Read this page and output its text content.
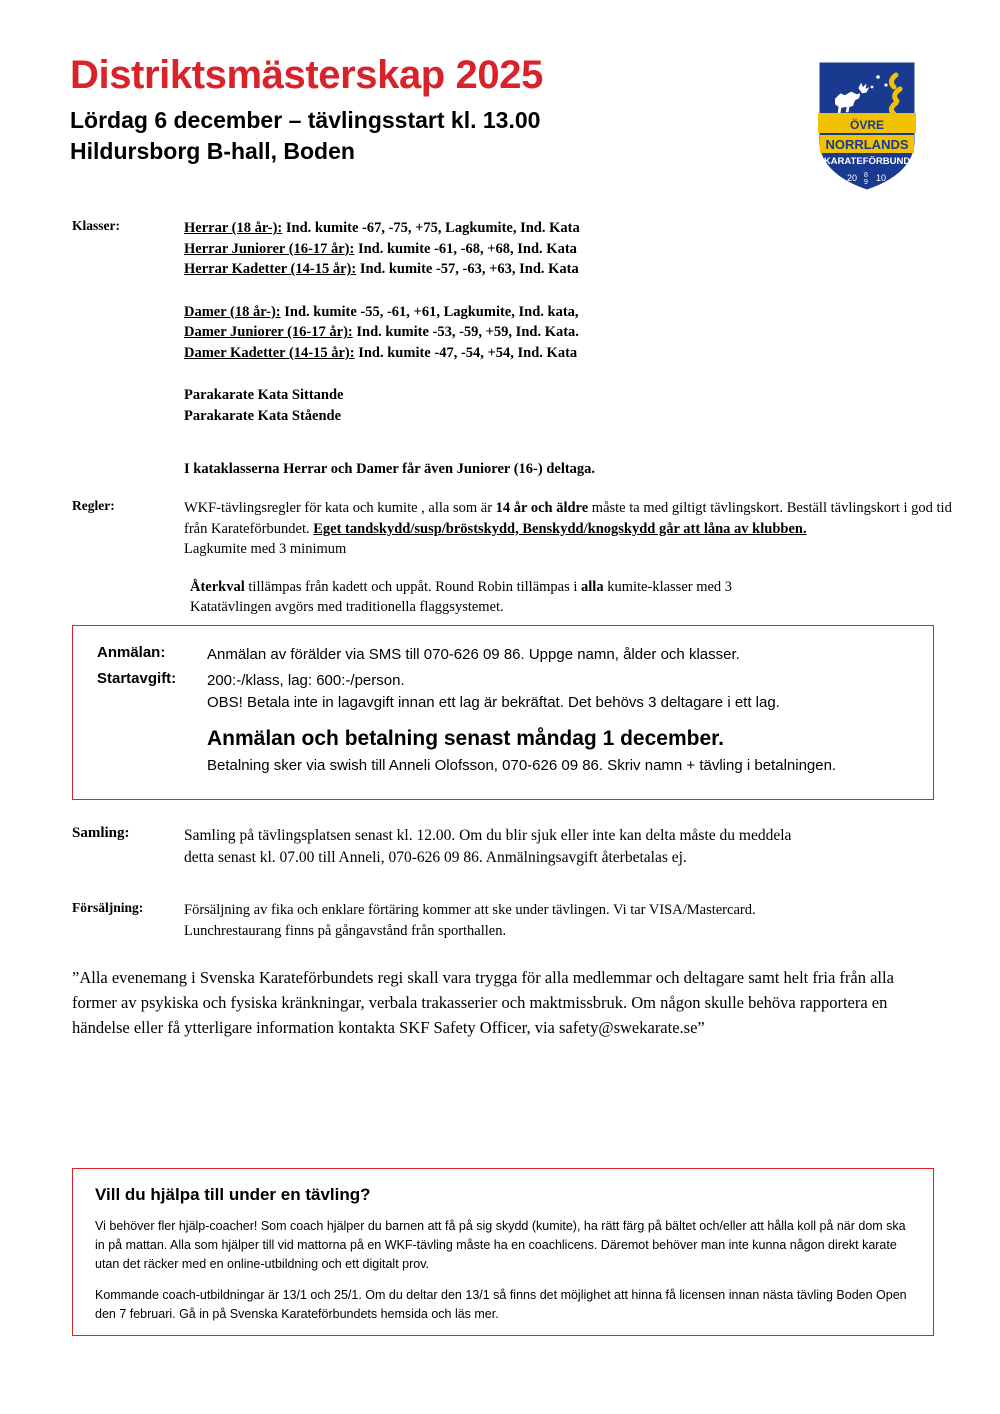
Distriktsmästerskap 2025
Lördag 6 december – tävlingsstart kl. 13.00
Hildursborg B-hall, Boden
ÖVRE
NORRLANDS
KARATEFÖRBUND
20 8
9 10
Klasser:	Herrar (18 år-): Ind. kumite -67, -75, +75, Lagkumite, Ind. Kata
Herrar Juniorer (16-17 år): Ind. kumite -61, -68, +68, Ind. Kata
Herrar Kadetter (14-15 år): Ind. kumite -57, -63, +63, Ind. Kata
Damer (18 år-): Ind. kumite -55, -61, +61, Lagkumite, Ind. kata,
Damer Juniorer (16-17 år): Ind. kumite -53, -59, +59, Ind. Kata.
Damer Kadetter (14-15 år): Ind. kumite -47, -54, +54, Ind. Kata
Parakarate Kata Sittande
Parakarate Kata Stående
I kataklasserna Herrar och Damer får även Juniorer (16-) deltaga.
Regler:	WKF-tävlingsregler för kata och kumite , alla som är 14 år och äldre måste ta med giltigt tävlingskort. Beställ tävlingskort i god tid från Karateförbundet. Eget tandskydd/susp/bröstskydd, Benskydd/knogskydd går att låna av klubben.
Lagkumite med 3 minimum
Återkval tillämpas från kadett och uppåt. Round Robin tillämpas i alla kumite-klasser med 3
Katatävlingen avgörs med traditionella flaggsystemet.
Anmälan:	Anmälan av förälder via SMS till 070-626 09 86. Uppge namn, ålder och klasser.
Startavgift:	200:-/klass, lag: 600:-/person.
OBS! Betala inte in lagavgift innan ett lag är bekräftat. Det behövs 3 deltagare i ett lag.
Anmälan och betalning senast måndag 1 december.
Betalning sker via swish till Anneli Olofsson, 070-626 09 86. Skriv namn + tävling i betalningen.
Samling:	Samling på tävlingsplatsen senast kl. 12.00. Om du blir sjuk eller inte kan delta måste du meddela
detta senast kl. 07.00 till Anneli, 070-626 09 86. Anmälningsavgift återbetalas ej.
Försäljning:	Försäljning av fika och enklare förtäring kommer att ske under tävlingen. Vi tar VISA/Mastercard.
Lunchrestaurang finns på gångavstånd från sporthallen.
”Alla evenemang i Svenska Karateförbundets regi skall vara trygga för alla medlemmar och deltagare samt helt fria från alla former av psykiska och fysiska kränkningar, verbala trakasserier och maktmissbruk. Om någon skulle behöva rapportera en händelse eller få ytterligare information kontakta SKF Safety Officer, via safety@swekarate.se”
Vill du hjälpa till under en tävling?
Vi behöver fler hjälp-coacher! Som coach hjälper du barnen att få på sig skydd (kumite), ha rätt färg på bältet och/eller att hålla koll på när dom ska in på mattan. Alla som hjälper till vid mattorna på en WKF-tävling måste ha en coachlicens. Däremot behöver man inte kunna någon direkt karate utan det räcker med en online-utbildning och ett digitalt prov.
Kommande coach-utbildningar är 13/1 och 25/1. Om du deltar den 13/1 så finns det möjlighet att hinna få licensen innan nästa tävling Boden Open den 7 februari. Gå in på Svenska Karateförbundets hemsida och läs mer.
